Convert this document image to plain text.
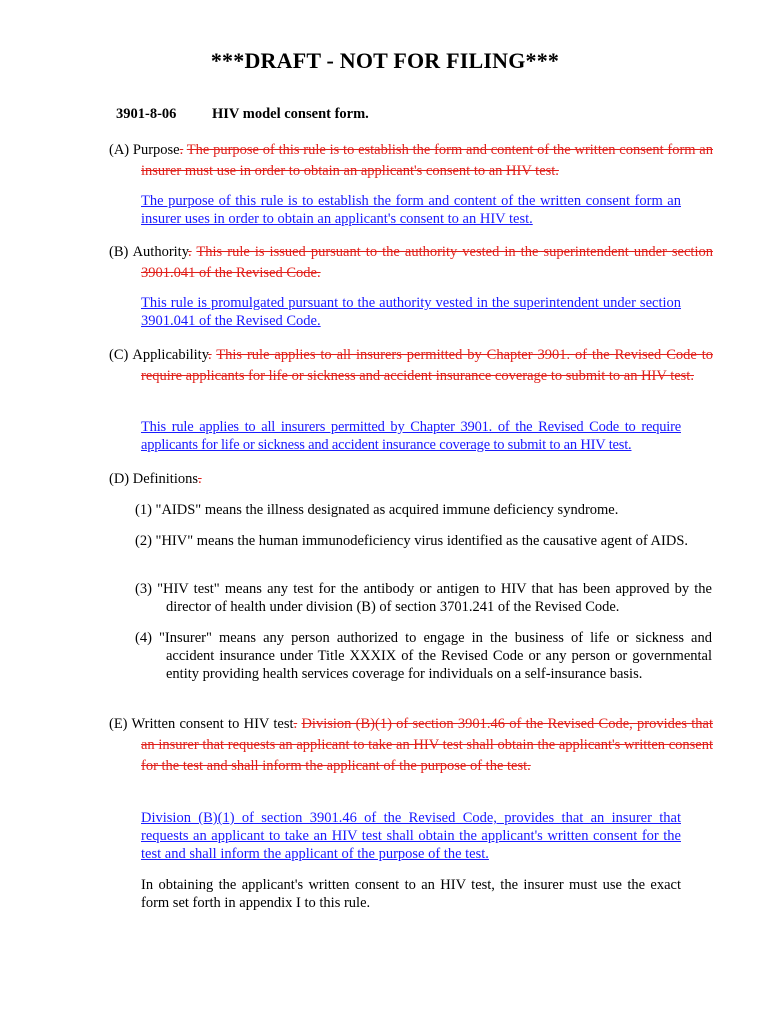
***DRAFT - NOT FOR FILING***
3901-8-06 HIV model consent form.
(A) Purpose. The purpose of this rule is to establish the form and content of the written consent form an insurer must use in order to obtain an applicant's consent to an HIV test.
The purpose of this rule is to establish the form and content of the written consent form an insurer uses in order to obtain an applicant's consent to an HIV test.
(B) Authority. This rule is issued pursuant to the authority vested in the superintendent under section 3901.041 of the Revised Code.
This rule is promulgated pursuant to the authority vested in the superintendent under section 3901.041 of the Revised Code.
(C) Applicability. This rule applies to all insurers permitted by Chapter 3901. of the Revised Code to require applicants for life or sickness and accident insurance coverage to submit to an HIV test.
This rule applies to all insurers permitted by Chapter 3901. of the Revised Code to require applicants for life or sickness and accident insurance coverage to submit to an HIV test.
(D) Definitions.
(1) "AIDS" means the illness designated as acquired immune deficiency syndrome.
(2) "HIV" means the human immunodeficiency virus identified as the causative agent of AIDS.
(3) "HIV test" means any test for the antibody or antigen to HIV that has been approved by the director of health under division (B) of section 3701.241 of the Revised Code.
(4) "Insurer" means any person authorized to engage in the business of life or sickness and accident insurance under Title XXXIX of the Revised Code or any person or governmental entity providing health services coverage for individuals on a self-insurance basis.
(E) Written consent to HIV test. Division (B)(1) of section 3901.46 of the Revised Code, provides that an insurer that requests an applicant to take an HIV test shall obtain the applicant's written consent for the test and shall inform the applicant of the purpose of the test.
Division (B)(1) of section 3901.46 of the Revised Code, provides that an insurer that requests an applicant to take an HIV test shall obtain the applicant's written consent for the test and shall inform the applicant of the purpose of the test.
In obtaining the applicant's written consent to an HIV test, the insurer must use the exact form set forth in appendix I to this rule.
